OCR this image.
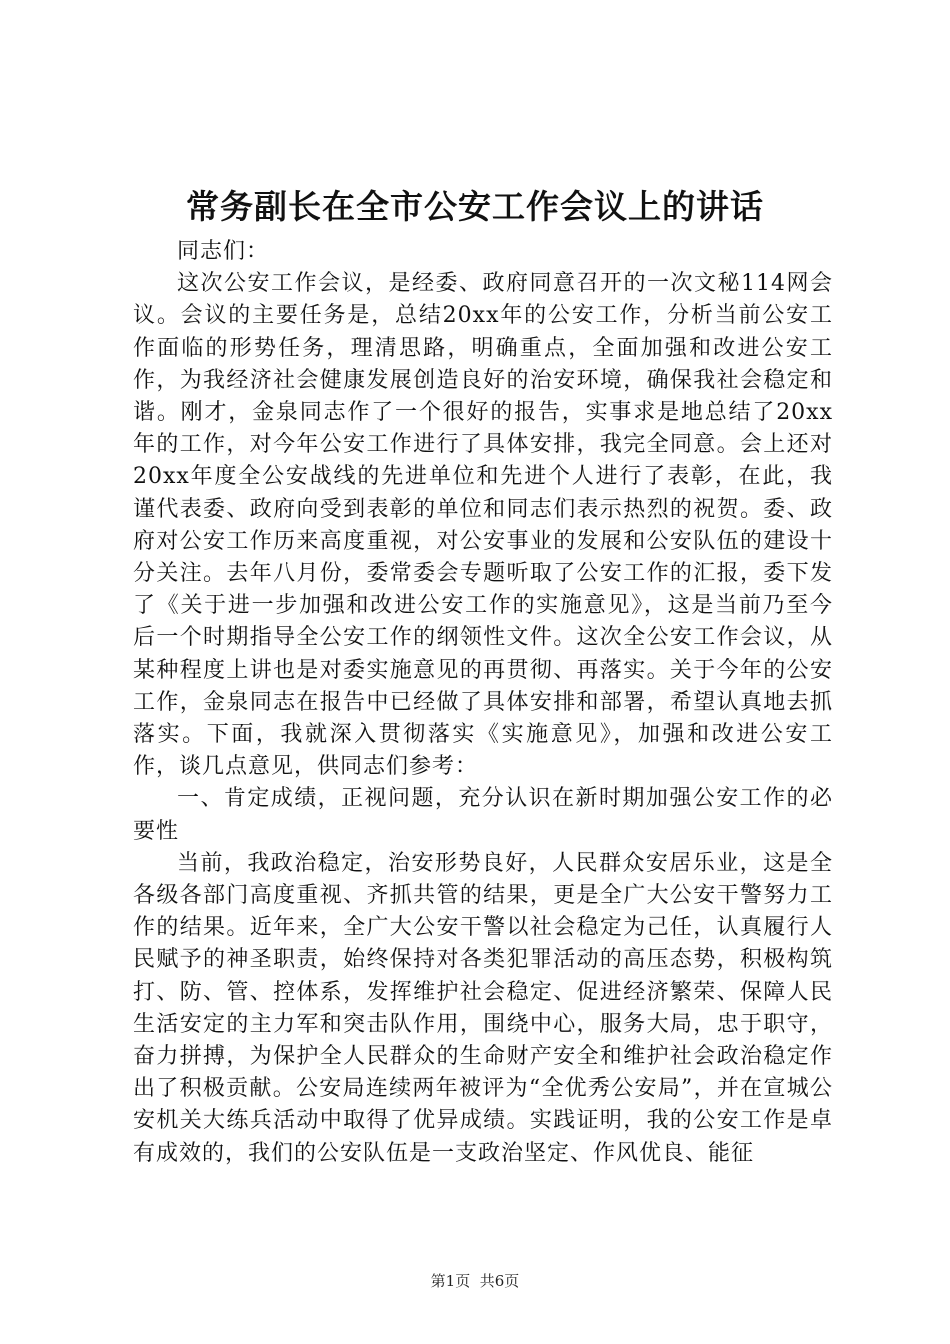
常务副长在全市公安工作会议上的讲话

同志们：

这次公安工作会议，是经委、政府同意召开的一次文秘114网会议。会议的主要任务是，总结20xx年的公安工作，分析当前公安工作面临的形势任务，理清思路，明确重点，全面加强和改进公安工作，为我经济社会健康发展创造良好的治安环境，确保我社会稳定和谐。刚才，金泉同志作了一个很好的报告，实事求是地总结了20xx年的工作，对今年公安工作进行了具体安排，我完全同意。会上还对20xx年度全公安战线的先进单位和先进个人进行了表彰，在此，我谨代表委、政府向受到表彰的单位和同志们表示热烈的祝贺。委、政府对公安工作历来高度重视，对公安事业的发展和公安队伍的建设十分关注。去年八月份，委常委会专题听取了公安工作的汇报，委下发了《关于进一步加强和改进公安工作的实施意见》，这是当前乃至今后一个时期指导全公安工作的纲领性文件。这次全公安工作会议，从某种程度上讲也是对委实施意见的再贯彻、再落实。关于今年的公安工作，金泉同志在报告中已经做了具体安排和部署，希望认真地去抓落实。下面，我就深入贯彻落实《实施意见》，加强和改进公安工作，谈几点意见，供同志们参考：

一、肯定成绩，正视问题，充分认识在新时期加强公安工作的必要性

当前，我政治稳定，治安形势良好，人民群众安居乐业，这是全各级各部门高度重视、齐抓共管的结果，更是全广大公安干警努力工作的结果。近年来，全广大公安干警以社会稳定为己任，认真履行人民赋予的神圣职责，始终保持对各类犯罪活动的高压态势，积极构筑打、防、管、控体系，发挥维护社会稳定、促进经济繁荣、保障人民生活安定的主力军和突击队作用，围绕中心，服务大局，忠于职守，奋力拼搏，为保护全人民群众的生命财产安全和维护社会政治稳定作出了积极贡献。公安局连续两年被评为“全优秀公安局”，并在宣城公安机关大练兵活动中取得了优异成绩。实践证明，我的公安工作是卓有成效的，我们的公安队伍是一支政治坚定、作风优良、能征

第1页 共6页
